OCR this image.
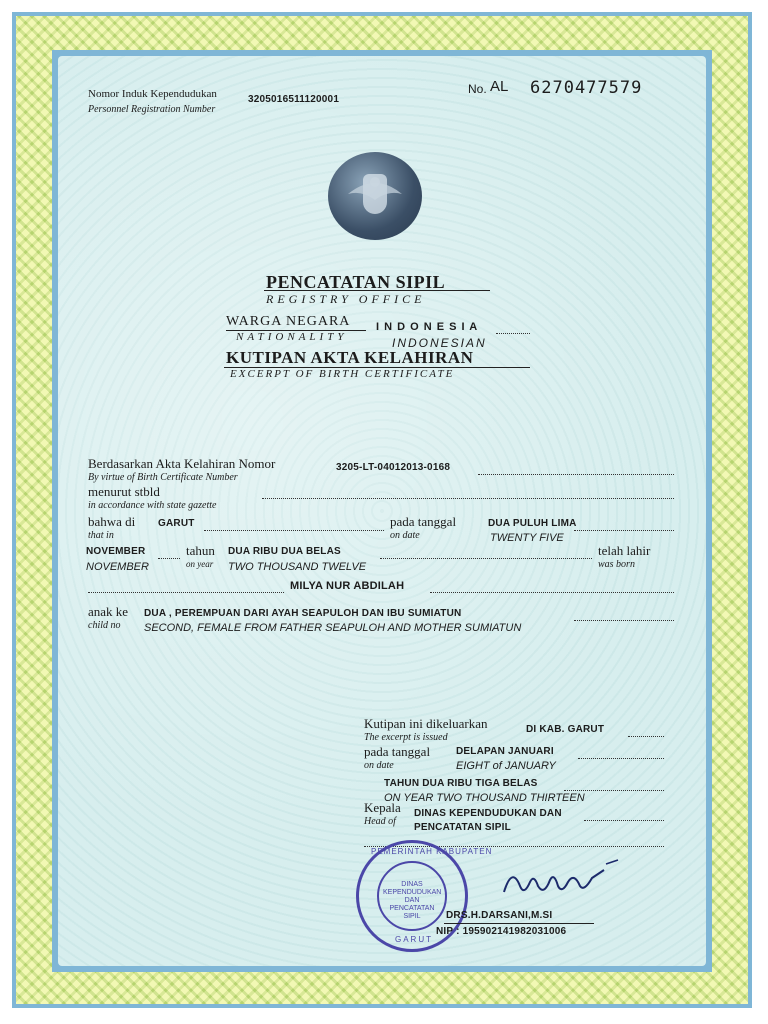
Nomor Induk Kependudukan
Personnel Registration Number
3205016511120001
No. AL 6270477579
PENCATATAN SIPIL
REGISTRY OFFICE
WARGA NEGARA
NATIONALITY
I N D O N E S I A
INDONESIAN
KUTIPAN AKTA KELAHIRAN
EXCERPT OF BIRTH CERTIFICATE
Berdasarkan Akta Kelahiran Nomor
By virtue of Birth Certificate Number
3205-LT-04012013-0168
menurut stbld
in accordance with state gazette
bahwa di
that in
GARUT	pada tanggal
on date
DUA PULUH LIMA
TWENTY FIVE
NOVEMBER
NOVEMBER
tahun
on year
DUA RIBU DUA BELAS
TWO THOUSAND TWELVE
telah lahir
was born
MILYA NUR ABDILAH
anak ke
child no
DUA , PEREMPUAN DARI AYAH SEAPULOH DAN IBU SUMIATUN
SECOND, FEMALE FROM FATHER SEAPULOH AND MOTHER SUMIATUN
Kutipan ini dikeluarkan
The excerpt is issued
DI KAB. GARUT
pada tanggal
on date
DELAPAN JANUARI
EIGHT of JANUARY
TAHUN DUA RIBU TIGA BELAS
ON YEAR TWO THOUSAND THIRTEEN
Kepala
Head of
DINAS KEPENDUDUKAN DAN
PENCATATAN SIPIL
PEMERINTAH KABUPATEN
DINAS KEPENDUDUKAN DAN PENCATATAN SIPIL
GARUT
DRS.H.DARSANI,M.SI
NIP : 195902141982031006
